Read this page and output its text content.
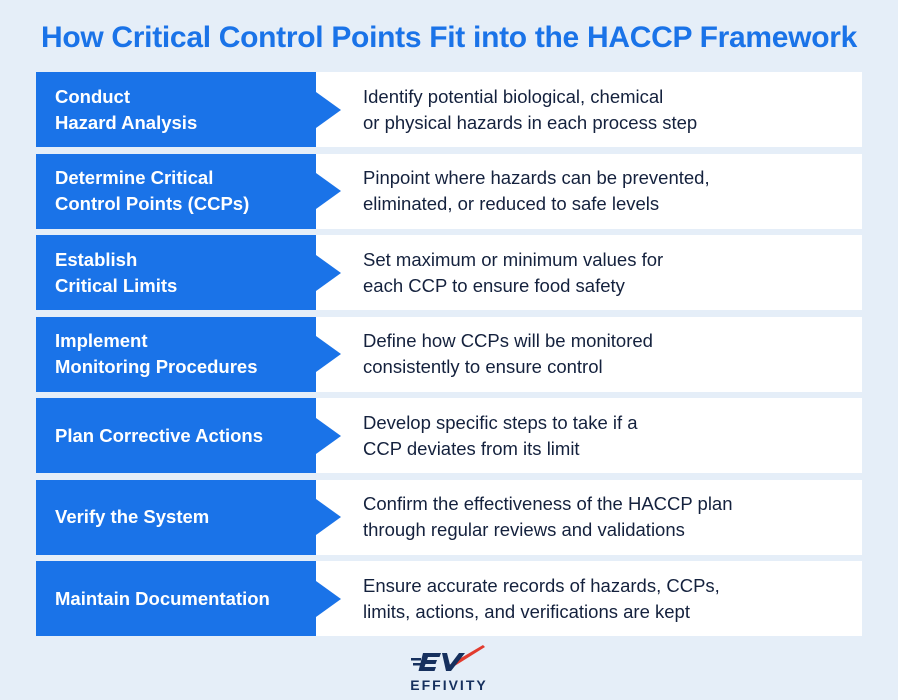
How Critical Control Points Fit into the HACCP Framework
Conduct
Hazard Analysis
Identify potential biological, chemical
or physical hazards in each process step
Determine Critical
Control Points (CCPs)
Pinpoint where hazards can be prevented,
eliminated, or reduced to safe levels
Establish
Critical Limits
Set maximum or minimum values for
each CCP to ensure food safety
Implement
Monitoring Procedures
Define how CCPs will be monitored
consistently to ensure control
Plan Corrective Actions
Develop specific steps to take if a
CCP deviates from its limit
Verify the System
Confirm the effectiveness of the HACCP plan
through regular reviews and validations
Maintain Documentation
Ensure accurate records of hazards, CCPs,
limits, actions, and verifications are kept
EFFIVITY
